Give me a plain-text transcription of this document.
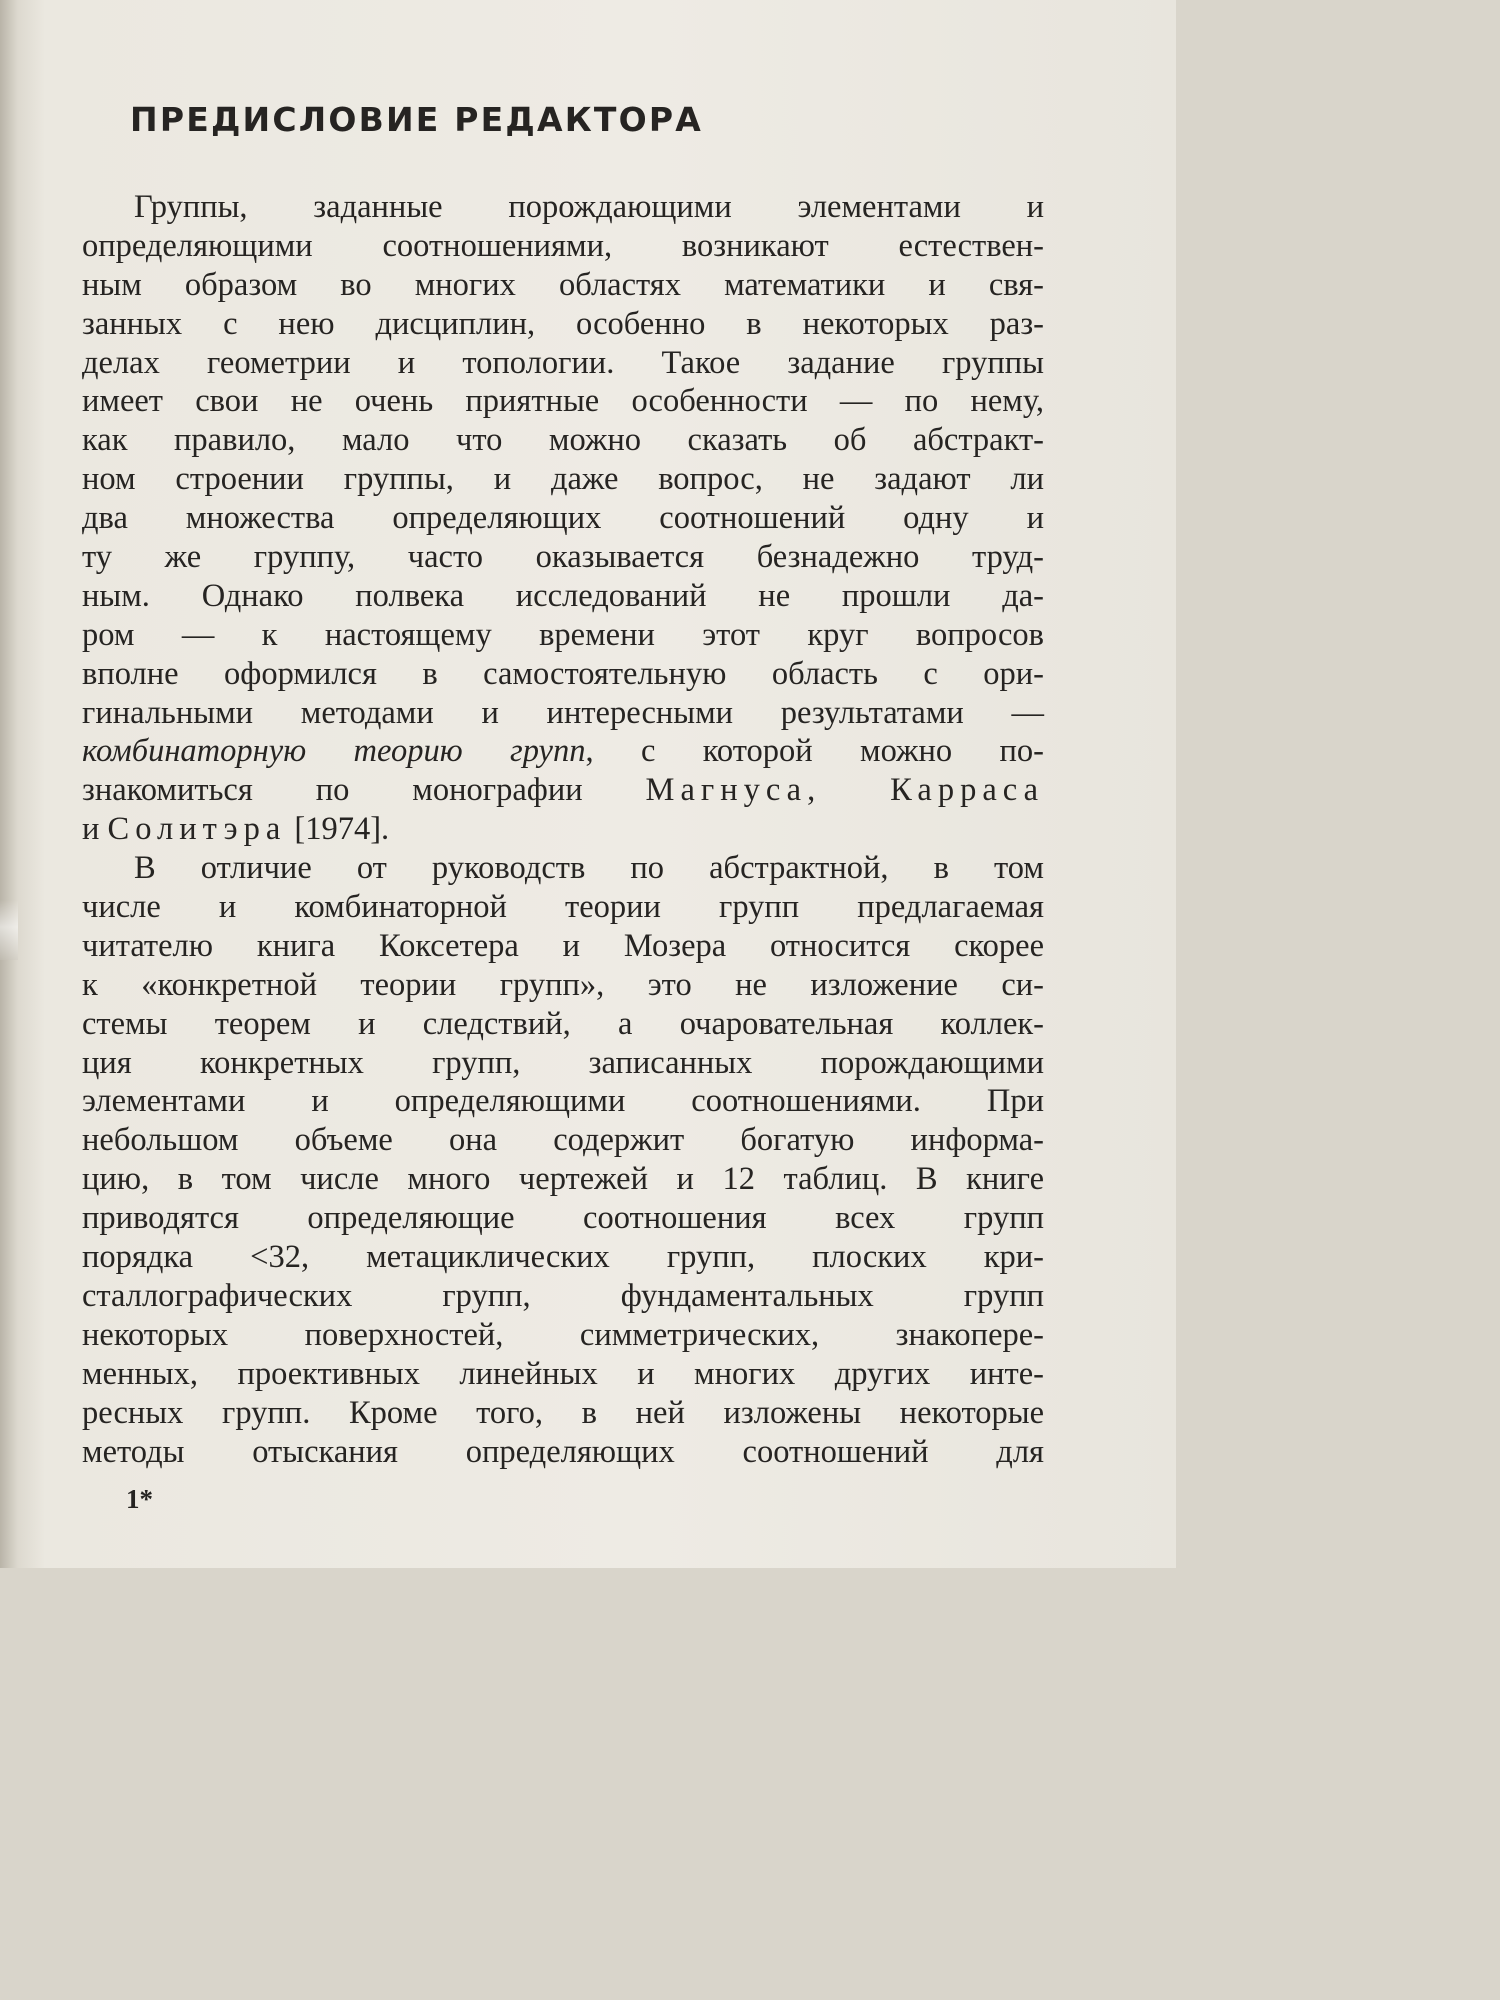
ПРЕДИСЛОВИЕ РЕДАКТОРА
Группы, заданные порождающими элементами и
определяющими соотношениями, возникают естествен-
ным образом во многих областях математики и свя-
занных с нею дисциплин, особенно в некоторых раз-
делах геометрии и топологии. Такое задание группы
имеет свои не очень приятные особенности — по нему,
как правило, мало что можно сказать об абстракт-
ном строении группы, и даже вопрос, не задают ли
два множества определяющих соотношений одну и
ту же группу, часто оказывается безнадежно труд-
ным. Однако полвека исследований не прошли да-
ром — к настоящему времени этот круг вопросов
вполне оформился в самостоятельную область с ори-
гинальными методами и интересными результатами —
комбинаторную теорию групп, с которой можно по-
знакомиться по монографии Магнуса, Карраса
и Солитэра [1974].
В отличие от руководств по абстрактной, в том
числе и комбинаторной теории групп предлагаемая
читателю книга Коксетера и Мозера относится скорее
к «конкретной теории групп», это не изложение си-
стемы теорем и следствий, а очаровательная коллек-
ция конкретных групп, записанных порождающими
элементами и определяющими соотношениями. При
небольшом объеме она содержит богатую информа-
цию, в том числе много чертежей и 12 таблиц. В книге
приводятся определяющие соотношения всех групп
порядка <32, метациклических групп, плоских кри-
сталлографических групп, фундаментальных групп
некоторых поверхностей, симметрических, знакопере-
менных, проективных линейных и многих других инте-
ресных групп. Кроме того, в ней изложены некоторые
методы отыскания определяющих соотношений для
1*
